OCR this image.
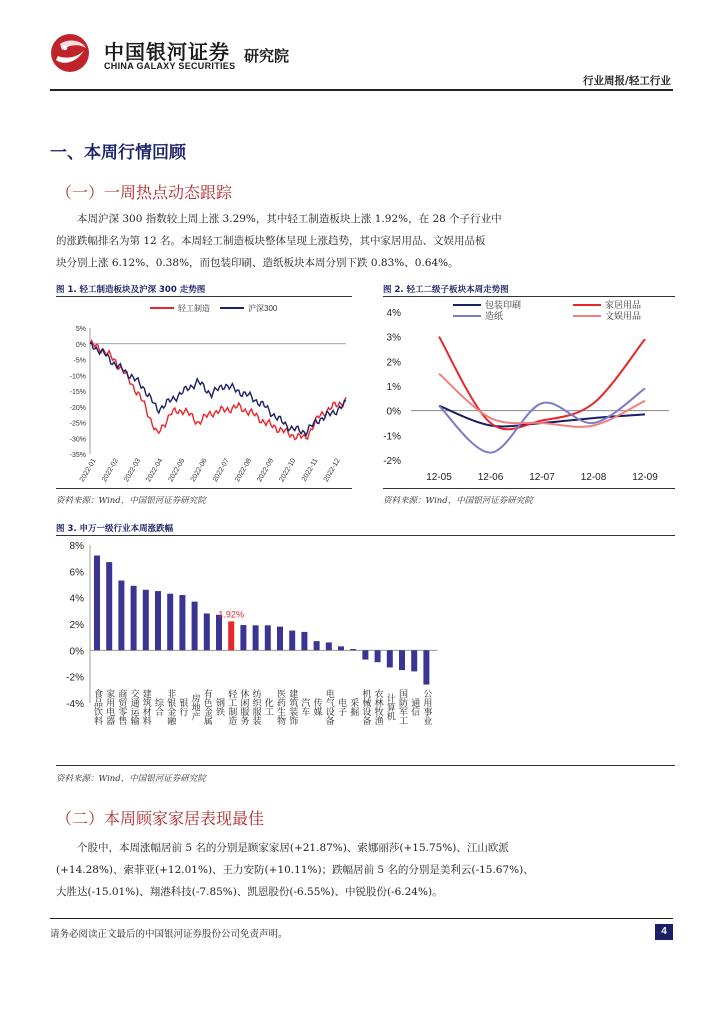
中国银河证券
CHINA GALAXY SECURITIES
研究院
行业周报/轻工行业
一、本周行情回顾
（一）一周热点动态跟踪
本周沪深 300 指数较上周上涨 3.29%，其中轻工制造板块上涨 1.92%，在 28 个子行业中
的涨跌幅排名为第 12 名。本周轻工制造板块整体呈现上涨趋势，其中家居用品、文娱用品板
块分别上涨 6.12%、0.38%，而包装印刷、造纸板块本周分别下跌 0.83%、0.64%。
图 1. 轻工制造板块及沪深 300 走势图
轻工制造	沪深300
5%
0%
-5%
-10%
-15%
-20%
-25%
-30%
-35%
2022-01 2022-02 2022-03 2022-04 2022-05 2022-06 2022-07 2022-08 2022-09 2022-10 2022-11 2022-12
资料来源：Wind，中国银河证券研究院
图 2. 轻工二级子板块本周走势图
包装印刷	家居用品
造纸	文娱用品
4%
3%
2%
1%
0%
-1%
-2%
12-05	12-06	12-07	12-08	12-09
资料来源：Wind，中国银河证券研究院
图 3. 申万一级行业本周涨跌幅
8%
6%
4%
2%
0%
-2%
-4% 食品饮料 家用电器 商贸零售 交通运输 建筑材料 综合 非银金融 银行 房地产 有色金属 钢铁 轻工制造
1.92%
休闲服务 纺织服装 化工 医药生物 建筑装饰 汽车 传媒 电气设备 电子 采掘 机械设备 农林牧渔 计算机 国防军工 通信 公用事业
资料来源：Wind，中国银河证券研究院
（二）本周顾家家居表现最佳
个股中，本周涨幅居前 5 名的分别是顾家家居(+21.87%)、索娜丽莎(+15.75%)、江山欧派
(+14.28%)、索菲亚(+12.01%)、王力安防(+10.11%)；跌幅居前 5 名的分别是美利云(-15.67%)、
大胜达(-15.01%)、翔港科技(-7.85%)、凯恩股份(-6.55%)、中锐股份(-6.24%)。
请务必阅读正文最后的中国银河证券股份公司免责声明。	4
